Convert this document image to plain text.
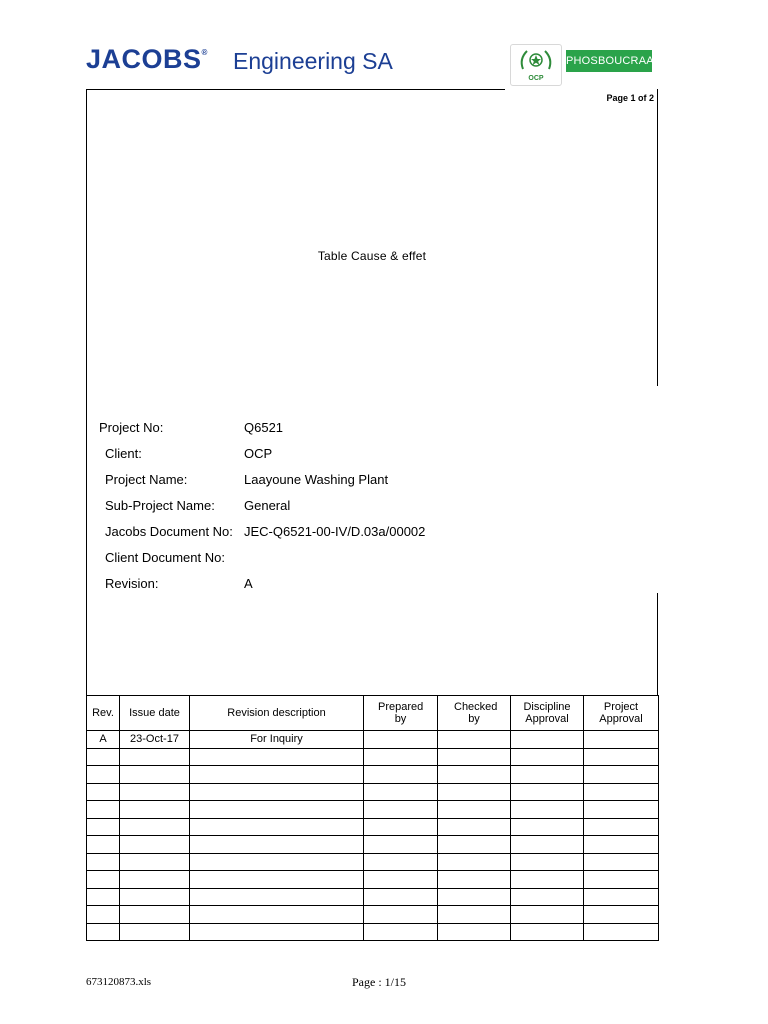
JACOBS® Engineering SA
OCP
PHOSBOUCRAA
Page 1 of 2
Table Cause & effet
Project No:	Q6521
Client:	OCP
Project Name:	Laayoune Washing Plant
Sub-Project Name: General
Jacobs Document No: JEC-Q6521-00-IV/D.03a/00002
Client Document No:
Revision:	A
Rev.	Issue date	Revision description	Prepared by	Checked by	Discipline Approval	Project Approval
A	23-Oct-17	For Inquiry				

673120873.xls	Page : 1/15
